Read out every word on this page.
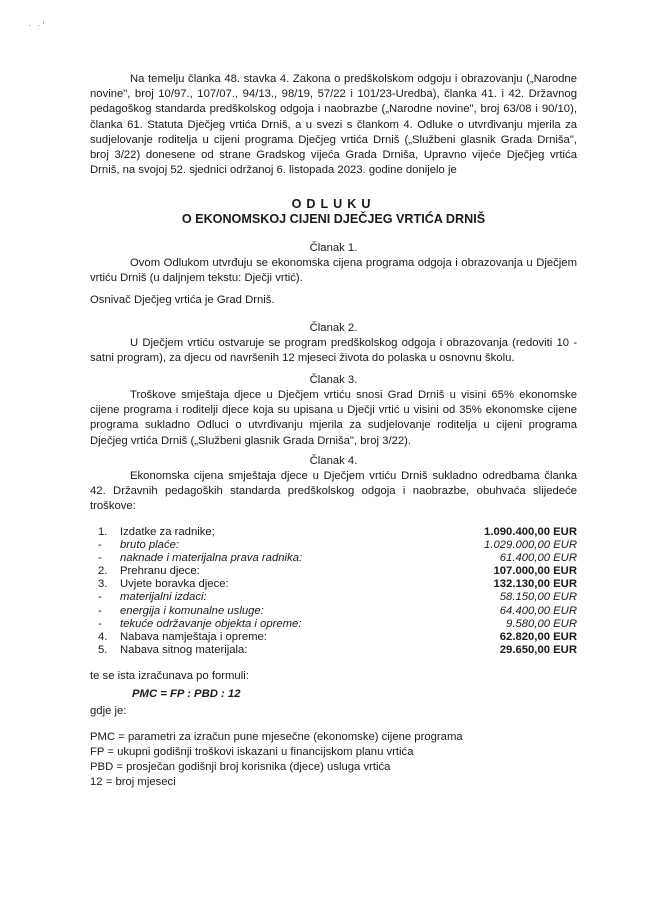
· ·'
Na temelju članka 48. stavka 4. Zakona o predškolskom odgoju i obrazovanju („Narodne novine", broj 10/97., 107/07., 94/13., 98/19, 57/22 i 101/23-Uredba), članka 41. i 42. Državnog pedagoškog standarda predškolskog odgoja i naobrazbe („Narodne novine", broj 63/08 i 90/10), članka 61. Statuta Dječjeg vrtića Drniš, a u svezi s člankom 4. Odluke o utvrđivanju mjerila za sudjelovanje roditelja u cijeni programa Dječjeg vrtića Drniš („Službeni glasnik Grada Drniša", broj 3/22) donesene od strane Gradskog vijeća Grada Drniša, Upravno vijeće Dječjeg vrtića Drniš, na svojoj 52. sjednici održanoj 6. listopada 2023. godine donijelo je
ODLUKU
O EKONOMSKOJ CIJENI DJEČJEG VRTIĆA DRNIŠ
Članak 1.
Ovom Odlukom utvrđuju se ekonomska cijena programa odgoja i obrazovanja u Dječjem vrtiću Drniš (u daljnjem tekstu: Dječji vrtić).
Osnivač Dječjeg vrtića je Grad Drniš.
Članak 2.
U Dječjem vrtiću ostvaruje se program predškolskog odgoja i obrazovanja (redoviti 10 - satni program), za djecu od navršenih 12 mjeseci života do polaska u osnovnu školu.
Članak 3.
Troškove smještaja djece u Dječjem vrtiću snosi Grad Drniš u visini 65% ekonomske cijene programa i roditelji djece koja su upisana u Dječji vrtić u visini od 35% ekonomske cijene programa sukladno Odluci o utvrđivanju mjerila za sudjelovanje roditelja u cijeni programa Dječjeg vrtića Drniš („Službeni glasnik Grada Drniša", broj 3/22).
Članak 4.
Ekonomska cijena smještaja djece u Dječjem vrtiću Drniš sukladno odredbama članka 42. Državnih pedagoških standarda predškolskog odgoja i naobrazbe, obuhvaća slijedeće troškove:
1.	Izdatke za radnike;	1.090.400,00 EUR
-	bruto plaće:	1.029.000,00 EUR
-	naknade i materijalna prava radnika:	61.400,00 EUR
2.	Prehranu djece:	107.000,00 EUR
3.	Uvjete boravka djece:	132.130,00 EUR
-	materijalni izdaci:	58.150,00 EUR
-	energija i komunalne usluge:	64.400,00 EUR
-	tekuće održavanje objekta i opreme:	9.580,00 EUR
4.	Nabava namještaja i opreme:	62.820,00 EUR
5.	Nabava sitnog materijala:	29.650,00 EUR
te se ista izračunava po formuli:
PMC = FP : PBD : 12
gdje je:
PMC = parametri za izračun pune mjesečne (ekonomske) cijene programa
FP = ukupni godišnji troškovi iskazani u financijskom planu vrtića
PBD = prosječan godišnji broj korisnika (djece) usluga vrtića
12 = broj mjeseci
